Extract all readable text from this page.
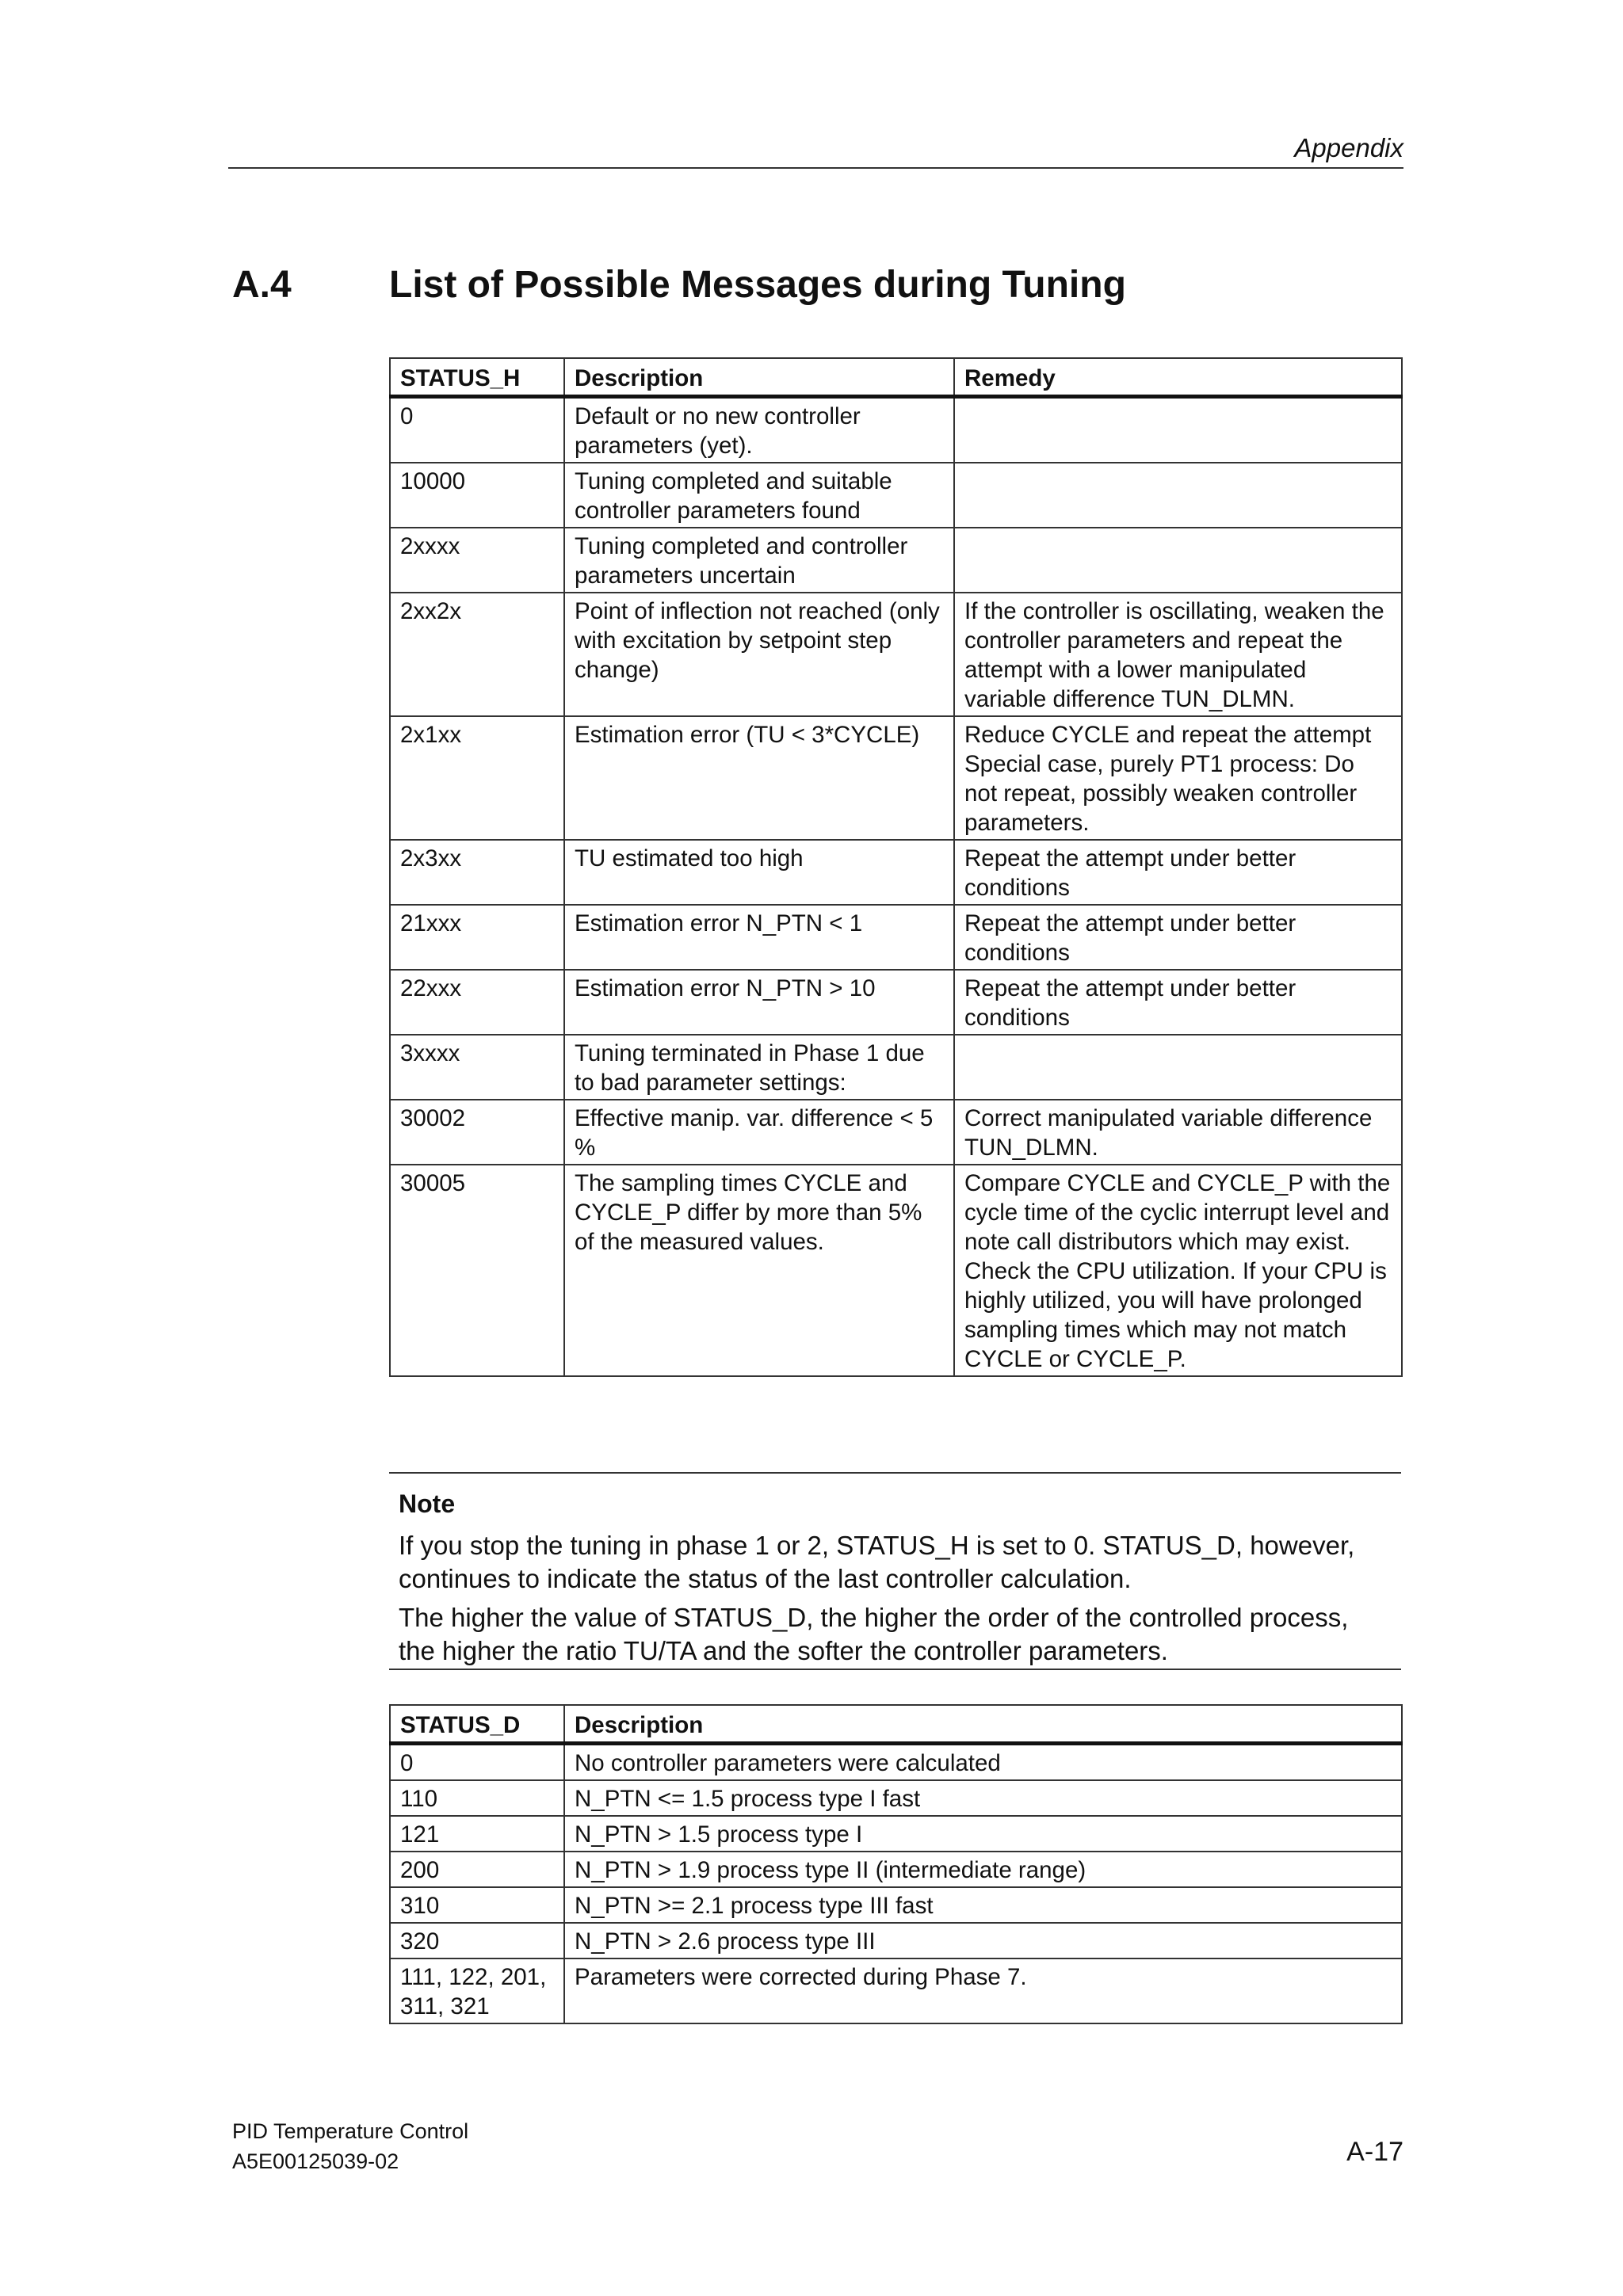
Appendix
A.4	List of Possible Messages during Tuning
STATUS_H	Description	Remedy
0	Default or no new controller parameters (yet).	
10000	Tuning completed and suitable controller parameters found	
2xxxx	Tuning completed and controller parameters uncertain	
2xx2x	Point of inflection not reached (only with excitation by setpoint step change)	If the controller is oscillating, weaken the controller parameters and repeat the attempt with a lower manipulated variable difference TUN_DLMN.

2x1xx	Estimation error (TU < 3*CYCLE)	Reduce CYCLE and repeat the attempt
Special case, purely PT1 process: Do not repeat, possibly weaken controller parameters.

2x3xx	TU estimated too high	Repeat the attempt under better conditions

21xxx	Estimation error N_PTN < 1	Repeat the attempt under better conditions

22xxx	Estimation error N_PTN > 10	Repeat the attempt under better conditions

3xxxx	Tuning terminated in Phase 1 due to bad parameter settings:	
30002	Effective manip. var. difference < 5 %	Correct manipulated variable difference TUN_DLMN.

30005	The sampling times CYCLE and CYCLE_P differ by more than 5% of the measured values.	Compare CYCLE and CYCLE_P with the cycle time of the cyclic interrupt level and note call distributors which may exist.
Check the CPU utilization. If your CPU is highly utilized, you will have prolonged sampling times which may not match CYCLE or CYCLE_P.
Note
If you stop the tuning in phase 1 or 2, STATUS_H is set to 0. STATUS_D, however, continues to indicate the status of the last controller calculation.
The higher the value of STATUS_D, the higher the order of the controlled process, the higher the ratio TU/TA and the softer the controller parameters.
STATUS_D	Description
0	No controller parameters were calculated
110	N_PTN <= 1.5 process type I fast
121	N_PTN > 1.5 process type I
200	N_PTN > 1.9 process type II (intermediate range)
310	N_PTN >= 2.1 process type III fast
320	N_PTN > 2.6 process type III
111, 122, 201, 311, 321	Parameters were corrected during Phase 7.
PID Temperature Control
A5E00125039-02	A-17
